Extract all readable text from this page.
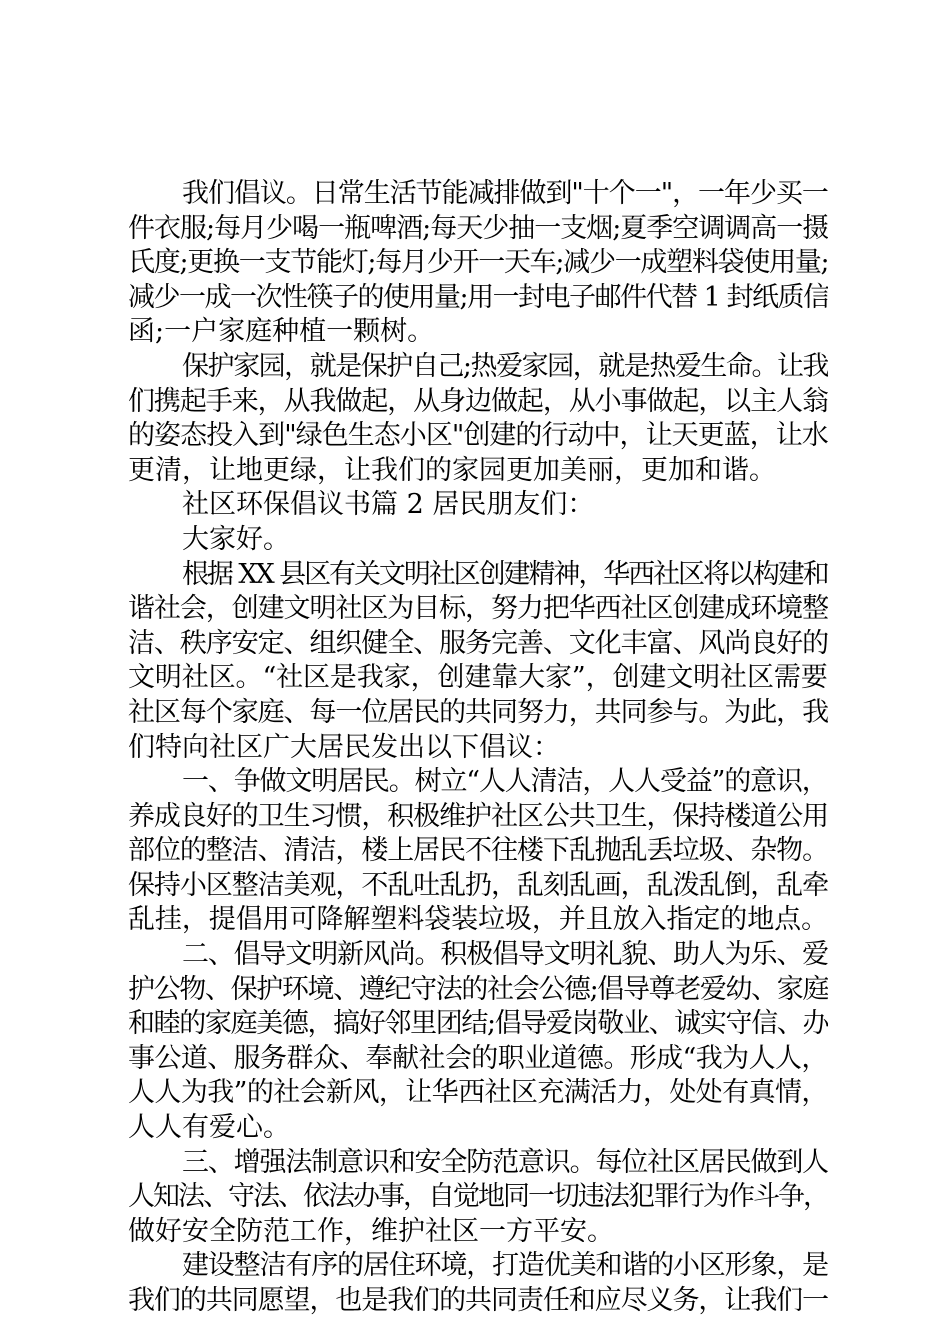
我们倡议。日常生活节能减排做到"十个一"，一年少买一
件衣服;每月少喝一瓶啤酒;每天少抽一支烟;夏季空调调高一摄
氏度;更换一支节能灯;每月少开一天车;减少一成塑料袋使用量;
减少一成一次性筷子的使用量;用一封电子邮件代替 1 封纸质信
函;一户家庭种植一颗树。
保护家园，就是保护自己;热爱家园，就是热爱生命。让我
们携起手来，从我做起，从身边做起，从小事做起，以主人翁
的姿态投入到"绿色生态小区"创建的行动中，让天更蓝，让水
更清，让地更绿，让我们的家园更加美丽，更加和谐。
社区环保倡议书篇 2 居民朋友们：
大家好。
根据 XX 县区有关文明社区创建精神，华西社区将以构建和
谐社会，创建文明社区为目标，努力把华西社区创建成环境整
洁、秩序安定、组织健全、服务完善、文化丰富、风尚良好的
文明社区。“社区是我家，创建靠大家”，创建文明社区需要
社区每个家庭、每一位居民的共同努力，共同参与。为此，我
们特向社区广大居民发出以下倡议：
一、争做文明居民。树立“人人清洁，人人受益”的意识，
养成良好的卫生习惯，积极维护社区公共卫生，保持楼道公用
部位的整洁、清洁，楼上居民不往楼下乱抛乱丢垃圾、杂物。
保持小区整洁美观，不乱吐乱扔，乱刻乱画，乱泼乱倒，乱牵
乱挂，提倡用可降解塑料袋装垃圾，并且放入指定的地点。
二、倡导文明新风尚。积极倡导文明礼貌、助人为乐、爱
护公物、保护环境、遵纪守法的社会公德;倡导尊老爱幼、家庭
和睦的家庭美德，搞好邻里团结;倡导爱岗敬业、诚实守信、办
事公道、服务群众、奉献社会的职业道德。形成“我为人人，
人人为我”的社会新风，让华西社区充满活力，处处有真情，
人人有爱心。
三、增强法制意识和安全防范意识。每位社区居民做到人
人知法、守法、依法办事，自觉地同一切违法犯罪行为作斗争，
做好安全防范工作，维护社区一方平安。
建设整洁有序的居住环境，打造优美和谐的小区形象，是
我们的共同愿望，也是我们的共同责任和应尽义务，让我们一
